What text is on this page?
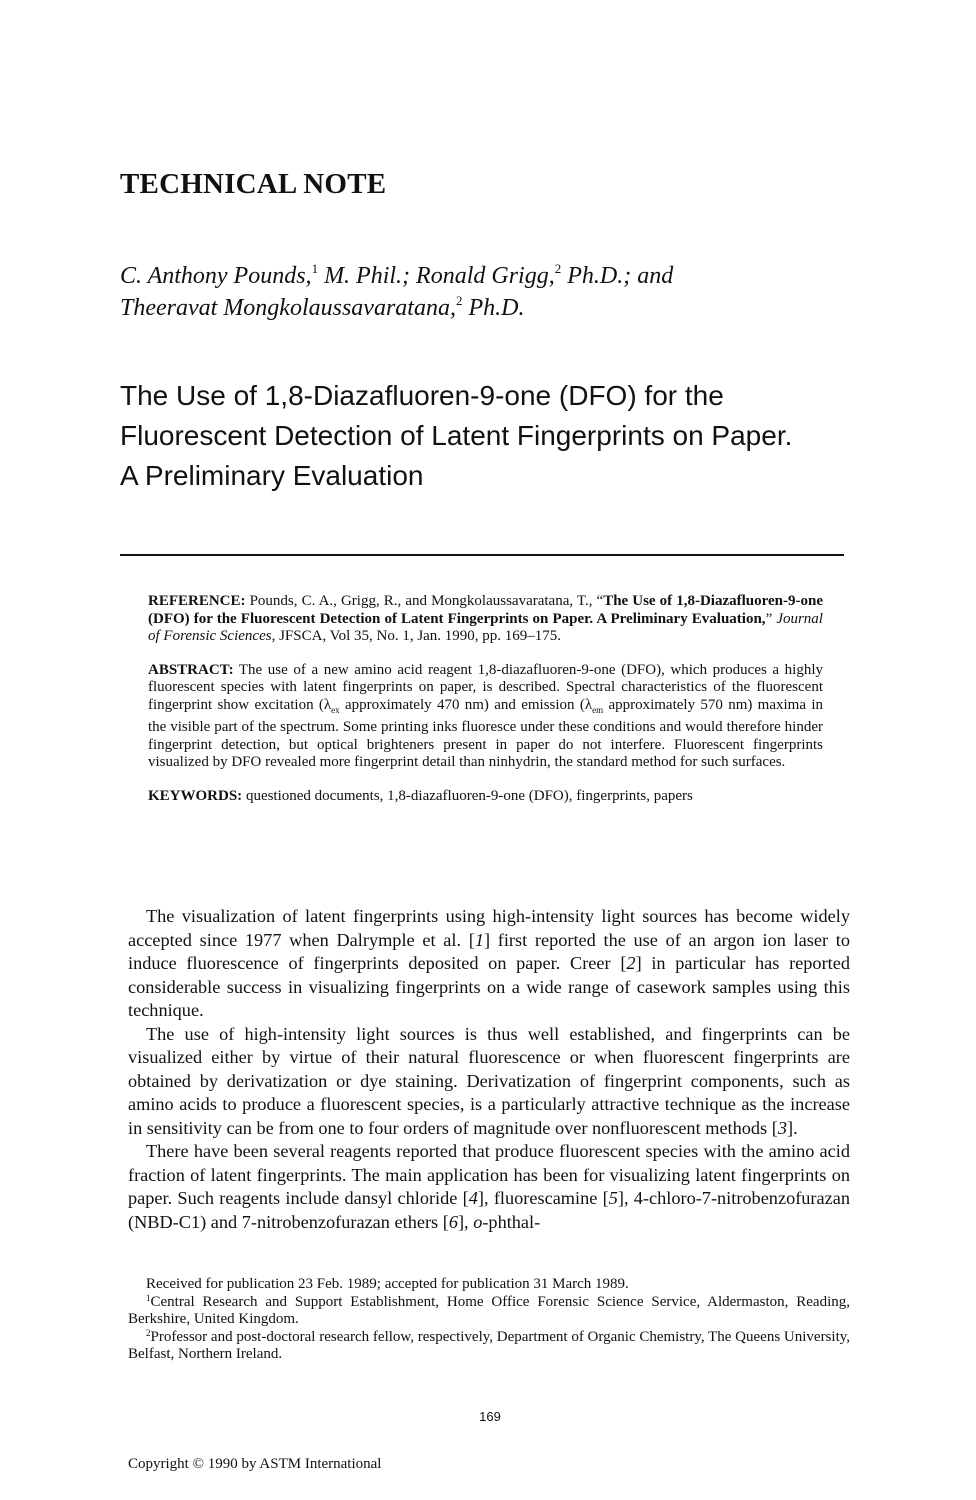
TECHNICAL NOTE
C. Anthony Pounds,$^1$ M. Phil.; Ronald Grigg,$^2$ Ph.D.; and
Theeravat Mongkolaussavaratana,$^2$ Ph.D.
The Use of 1,8-Diazafluoren-9-one (DFO) for the
Fluorescent Detection of Latent Fingerprints on Paper.
A Preliminary Evaluation

REFERENCE: Pounds, C. A., Grigg, R., and Mongkolaussavaratana, T., “The Use of 1,8-Diazafluoren-9-one (DFO) for the Fluorescent Detection of Latent Fingerprints on Paper. A Preliminary Evaluation,” Journal of Forensic Sciences, JFSCA, Vol 35, No. 1, Jan. 1990, pp. 169–175.

ABSTRACT: The use of a new amino acid reagent 1,8-diazafluoren-9-one (DFO), which produces a highly fluorescent species with latent fingerprints on paper, is described. Spectral characteristics of the fluorescent fingerprint show excitation ($\lambda_{ex}$ approximately 470 nm) and emission ($\lambda_{em}$ approximately 570 nm) maxima in the visible part of the spectrum. Some printing inks fluoresce under these conditions and would therefore hinder fingerprint detection, but optical brighteners present in paper do not interfere. Fluorescent fingerprints visualized by DFO revealed more fingerprint detail than ninhydrin, the standard method for such surfaces.

KEYWORDS: questioned documents, 1,8-diazafluoren-9-one (DFO), fingerprints, papers

The visualization of latent fingerprints using high-intensity light sources has become widely accepted since 1977 when Dalrymple et al. [1] first reported the use of an argon ion laser to induce fluorescence of fingerprints deposited on paper. Creer [2] in particular has reported considerable success in visualizing fingerprints on a wide range of casework samples using this technique.

The use of high-intensity light sources is thus well established, and fingerprints can be visualized either by virtue of their natural fluorescence or when fluorescent fingerprints are obtained by derivatization or dye staining. Derivatization of fingerprint components, such as amino acids to produce a fluorescent species, is a particularly attractive technique as the increase in sensitivity can be from one to four orders of magnitude over nonfluorescent methods [3].

There have been several reagents reported that produce fluorescent species with the amino acid fraction of latent fingerprints. The main application has been for visualizing latent fingerprints on paper. Such reagents include dansyl chloride [4], fluorescamine [5], 4-chloro-7-nitrobenzofurazan (NBD-C1) and 7-nitrobenzofurazan ethers [6], o-phthal-

Received for publication 23 Feb. 1989; accepted for publication 31 March 1989.

$^1$Central Research and Support Establishment, Home Office Forensic Science Service, Aldermaston, Reading, Berkshire, United Kingdom.

$^2$Professor and post-doctoral research fellow, respectively, Department of Organic Chemistry, The Queens University, Belfast, Northern Ireland.

169
Copyright © 1990 by ASTM International
